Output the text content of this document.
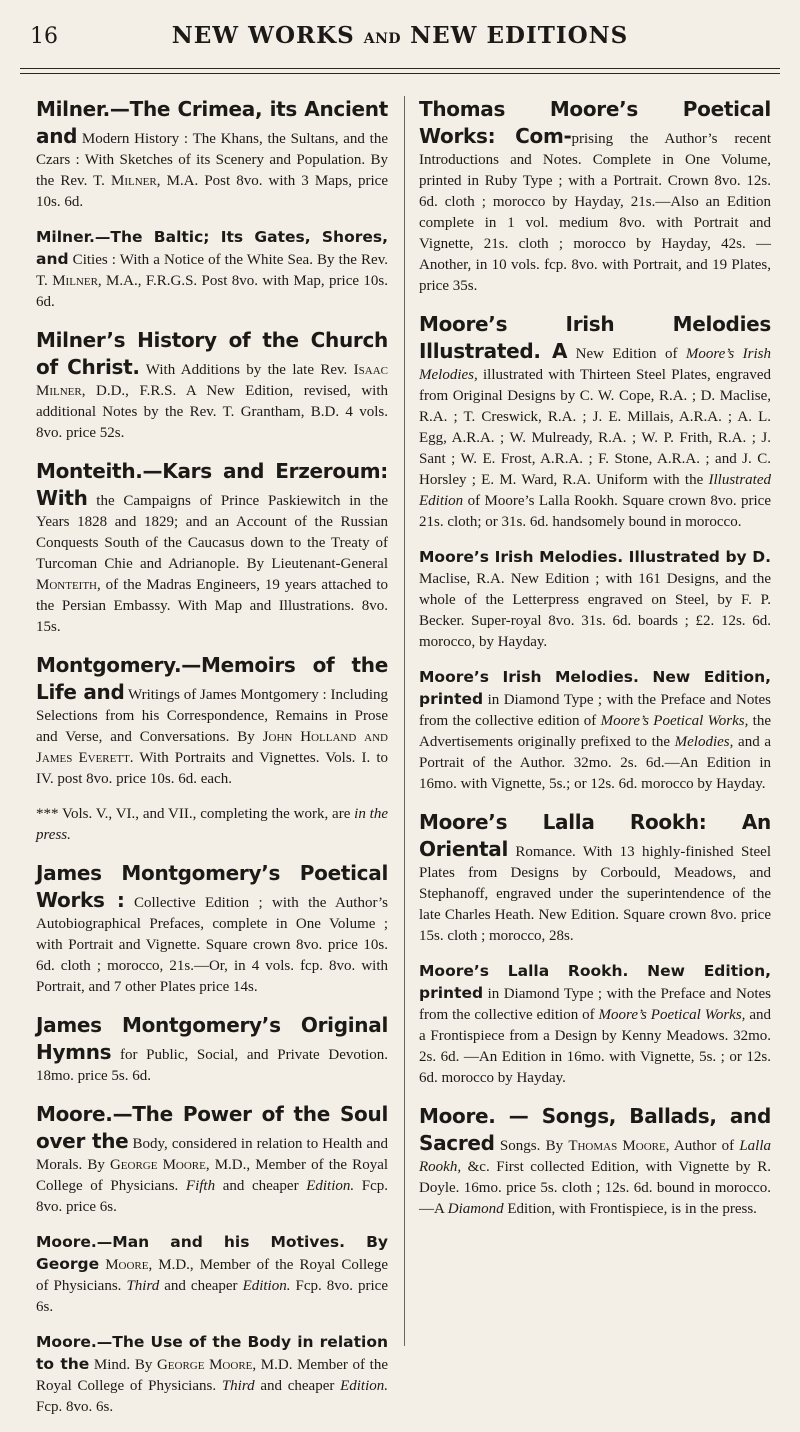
16	NEW WORKS AND NEW EDITIONS

Milner.—The Crimea, its Ancient and Modern History : The Khans, the Sultans, and the Czars : With Sketches of its Scenery and Population. By the Rev. T. Milner, M.A. Post 8vo. with 3 Maps, price 10s. 6d.

Milner.—The Baltic; Its Gates, Shores, and Cities : With a Notice of the White Sea. By the Rev. T. Milner, M.A., F.R.G.S. Post 8vo. with Map, price 10s. 6d.

Milner’s History of the Church of Christ. With Additions by the late Rev. Isaac Milner, D.D., F.R.S. A New Edition, revised, with additional Notes by the Rev. T. Grantham, B.D. 4 vols. 8vo. price 52s.

Monteith.—Kars and Erzeroum: With the Campaigns of Prince Paskiewitch in the Years 1828 and 1829; and an Account of the Russian Conquests South of the Caucasus down to the Treaty of Turcoman Chie and Adrianople. By Lieutenant-General Monteith, of the Madras Engineers, 19 years attached to the Persian Embassy. With Map and Illustrations. 8vo. 15s.

Montgomery.—Memoirs of the Life and Writings of James Montgomery : Including Selections from his Correspondence, Remains in Prose and Verse, and Conversations. By John Holland and James Everett. With Portraits and Vignettes. Vols. I. to IV. post 8vo. price 10s. 6d. each.

*** Vols. V., VI., and VII., completing the work, are in the press.

James Montgomery’s Poetical Works : Collective Edition ; with the Author’s Autobiographical Prefaces, complete in One Volume ; with Portrait and Vignette. Square crown 8vo. price 10s. 6d. cloth ; morocco, 21s.—Or, in 4 vols. fcp. 8vo. with Portrait, and 7 other Plates price 14s.

James Montgomery’s Original Hymns for Public, Social, and Private Devotion. 18mo. price 5s. 6d.

Moore.—The Power of the Soul over the Body, considered in relation to Health and Morals. By George Moore, M.D., Member of the Royal College of Physicians. Fifth and cheaper Edition. Fcp. 8vo. price 6s.

Moore.—Man and his Motives. By George Moore, M.D., Member of the Royal College of Physicians. Third and cheaper Edition. Fcp. 8vo. price 6s.

Moore.—The Use of the Body in relation to the Mind. By George Moore, M.D. Member of the Royal College of Physicians. Third and cheaper Edition. Fcp. 8vo. 6s.

Thomas Moore’s Poetical Works: Com-prising the Author’s recent Introductions and Notes. Complete in One Volume, printed in Ruby Type ; with a Portrait. Crown 8vo. 12s. 6d. cloth ; morocco by Hayday, 21s.—Also an Edition complete in 1 vol. medium 8vo. with Portrait and Vignette, 21s. cloth ; morocco by Hayday, 42s. —Another, in 10 vols. fcp. 8vo. with Portrait, and 19 Plates, price 35s.

Moore’s Irish Melodies Illustrated. A New Edition of Moore’s Irish Melodies, illustrated with Thirteen Steel Plates, engraved from Original Designs by C. W. Cope, R.A. ; D. Maclise, R.A. ; T. Creswick, R.A. ; J. E. Millais, A.R.A. ; A. L. Egg, A.R.A. ; W. Mulready, R.A. ; W. P. Frith, R.A. ; J. Sant ; W. E. Frost, A.R.A. ; F. Stone, A.R.A. ; and J. C. Horsley ; E. M. Ward, R.A. Uniform with the Illustrated Edition of Moore’s Lalla Rookh. Square crown 8vo. price 21s. cloth; or 31s. 6d. handsomely bound in morocco.

Moore’s Irish Melodies. Illustrated by D. Maclise, R.A. New Edition ; with 161 Designs, and the whole of the Letterpress engraved on Steel, by F. P. Becker. Super-royal 8vo. 31s. 6d. boards ; £2. 12s. 6d. morocco, by Hayday.

Moore’s Irish Melodies. New Edition, printed in Diamond Type ; with the Preface and Notes from the collective edition of Moore’s Poetical Works, the Advertisements originally prefixed to the Melodies, and a Portrait of the Author. 32mo. 2s. 6d.—An Edition in 16mo. with Vignette, 5s.; or 12s. 6d. morocco by Hayday.

Moore’s Lalla Rookh: An Oriental Romance. With 13 highly-finished Steel Plates from Designs by Corbould, Meadows, and Stephanoff, engraved under the superintendence of the late Charles Heath. New Edition. Square crown 8vo. price 15s. cloth ; morocco, 28s.

Moore’s Lalla Rookh. New Edition, printed in Diamond Type ; with the Preface and Notes from the collective edition of Moore’s Poetical Works, and a Frontispiece from a Design by Kenny Meadows. 32mo. 2s. 6d. —An Edition in 16mo. with Vignette, 5s. ; or 12s. 6d. morocco by Hayday.

Moore. — Songs, Ballads, and Sacred Songs. By Thomas Moore, Author of Lalla Rookh, &c. First collected Edition, with Vignette by R. Doyle. 16mo. price 5s. cloth ; 12s. 6d. bound in morocco.—A Diamond Edition, with Frontispiece, is in the press.
